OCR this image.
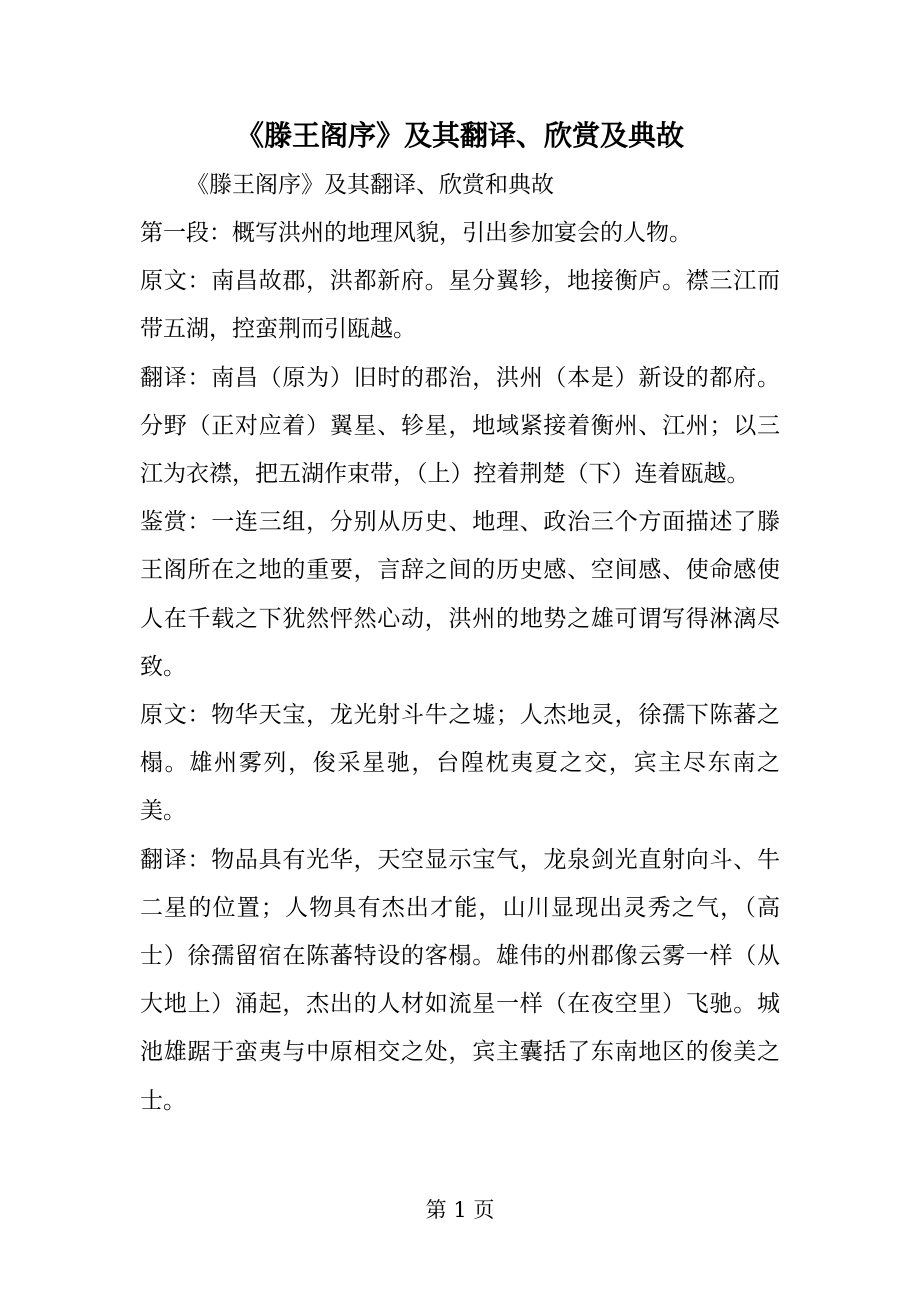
《滕王阁序》及其翻译、欣赏及典故
《滕王阁序》及其翻译、欣赏和典故

第一段：概写洪州的地理风貌，引出参加宴会的人物。

原文：南昌故郡，洪都新府。星分翼轸，地接衡庐。襟三江而带五湖，控蛮荆而引瓯越。

翻译：南昌（原为）旧时的郡治，洪州（本是）新设的都府。分野（正对应着）翼星、轸星，地域紧接着衡州、江州；以三江为衣襟，把五湖作束带，（上）控着荆楚（下）连着瓯越。

鉴赏：一连三组，分别从历史、地理、政治三个方面描述了滕王阁所在之地的重要，言辞之间的历史感、空间感、使命感使人在千载之下犹然怦然心动，洪州的地势之雄可谓写得淋漓尽致。

原文：物华天宝，龙光射斗牛之墟；人杰地灵，徐孺下陈蕃之榻。雄州雾列，俊采星驰，台隍枕夷夏之交，宾主尽东南之美。

翻译：物品具有光华，天空显示宝气，龙泉剑光直射向斗、牛二星的位置；人物具有杰出才能，山川显现出灵秀之气，（高士）徐孺留宿在陈蕃特设的客榻。雄伟的州郡像云雾一样（从大地上）涌起，杰出的人材如流星一样（在夜空里）飞驰。城池雄踞于蛮夷与中原相交之处，宾主囊括了东南地区的俊美之士。

第 1 页
